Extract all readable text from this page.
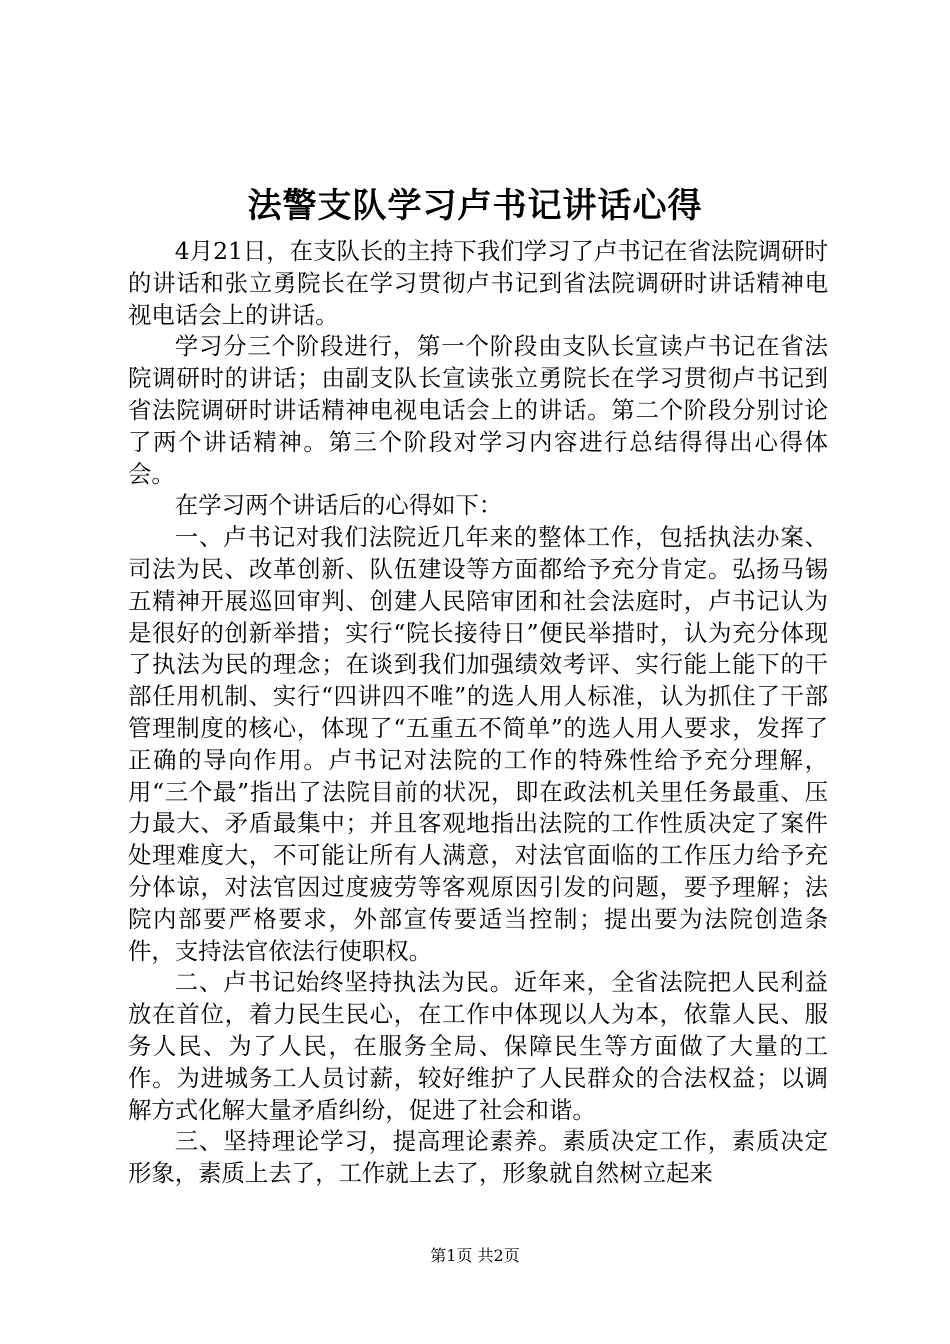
法警支队学习卢书记讲话心得

4月21日，在支队长的主持下我们学习了卢书记在省法院调研时的讲话和张立勇院长在学习贯彻卢书记到省法院调研时讲话精神电视电话会上的讲话。

学习分三个阶段进行，第一个阶段由支队长宣读卢书记在省法院调研时的讲话；由副支队长宣读张立勇院长在学习贯彻卢书记到省法院调研时讲话精神电视电话会上的讲话。第二个阶段分别讨论了两个讲话精神。第三个阶段对学习内容进行总结得得出心得体会。

在学习两个讲话后的心得如下：

一、卢书记对我们法院近几年来的整体工作，包括执法办案、司法为民、改革创新、队伍建设等方面都给予充分肯定。弘扬马锡五精神开展巡回审判、创建人民陪审团和社会法庭时，卢书记认为是很好的创新举措；实行“院长接待日”便民举措时，认为充分体现了执法为民的理念；在谈到我们加强绩效考评、实行能上能下的干部任用机制、实行“四讲四不唯”的选人用人标准，认为抓住了干部管理制度的核心，体现了“五重五不简单”的选人用人要求，发挥了正确的导向作用。卢书记对法院的工作的特殊性给予充分理解，用“三个最”指出了法院目前的状况，即在政法机关里任务最重、压力最大、矛盾最集中；并且客观地指出法院的工作性质决定了案件处理难度大，不可能让所有人满意，对法官面临的工作压力给予充分体谅，对法官因过度疲劳等客观原因引发的问题，要予理解；法院内部要严格要求，外部宣传要适当控制；提出要为法院创造条件，支持法官依法行使职权。

二、卢书记始终坚持执法为民。近年来，全省法院把人民利益放在首位，着力民生民心，在工作中体现以人为本，依靠人民、服务人民、为了人民，在服务全局、保障民生等方面做了大量的工作。为进城务工人员讨薪，较好维护了人民群众的合法权益；以调解方式化解大量矛盾纠纷，促进了社会和谐。

三、坚持理论学习，提高理论素养。素质决定工作，素质决定形象，素质上去了，工作就上去了，形象就自然树立起来

第1页 共2页
